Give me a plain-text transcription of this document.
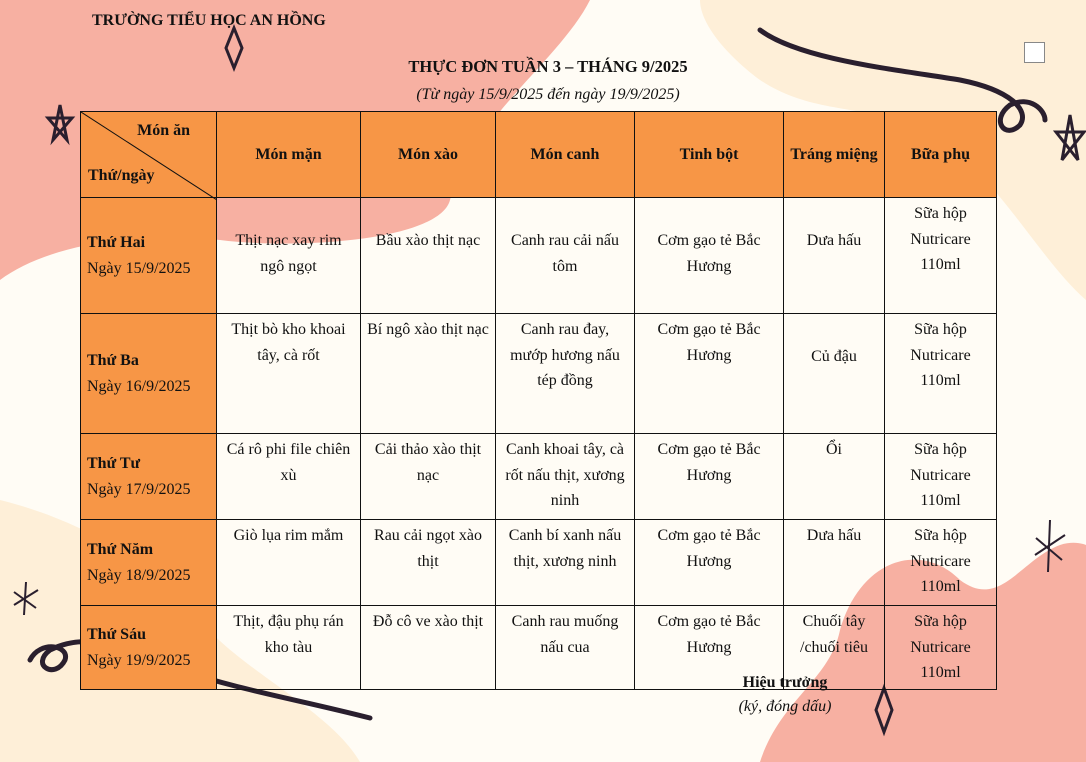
TRƯỜNG TIỂU HỌC AN HỒNG
THỰC ĐƠN TUẦN 3 – THÁNG 9/2025
(Từ ngày 15/9/2025 đến ngày 19/9/2025)
Món ăn
Thứ/ngày	Món mặn	Món xào	Món canh	Tinh bột	Tráng miệng	Bữa phụ

Thứ Hai
Ngày 15/9/2025	Thịt nạc xay rim ngô ngọt	Bầu xào thịt nạc	Canh rau cải nấu tôm	Cơm gạo tẻ Bắc Hương	Dưa hấu	Sữa hộp Nutricare 110ml

Thứ Ba
Ngày 16/9/2025	Thịt bò kho khoai tây, cà rốt	Bí ngô xào thịt nạc	Canh rau đay, mướp hương nấu tép đồng	Cơm gạo tẻ Bắc Hương	Củ đậu	Sữa hộp Nutricare 110ml

Thứ Tư
Ngày 17/9/2025	Cá rô phi file chiên xù	Cải thảo xào thịt nạc	Canh khoai tây, cà rốt nấu thịt, xương ninh	Cơm gạo tẻ Bắc Hương	Ổi	Sữa hộp Nutricare 110ml

Thứ Năm
Ngày 18/9/2025	Giò lụa rim mắm	Rau cải ngọt xào thịt	Canh bí xanh nấu thịt, xương ninh	Cơm gạo tẻ Bắc Hương	Dưa hấu	Sữa hộp Nutricare 110ml

Thứ Sáu
Ngày 19/9/2025	Thịt, đậu phụ rán kho tàu	Đỗ cô ve xào thịt	Canh rau muống nấu cua	Cơm gạo tẻ Bắc Hương	Chuối tây /chuối tiêu	Sữa hộp Nutricare 110ml
Hiệu trưởng
(ký, đóng dấu)
